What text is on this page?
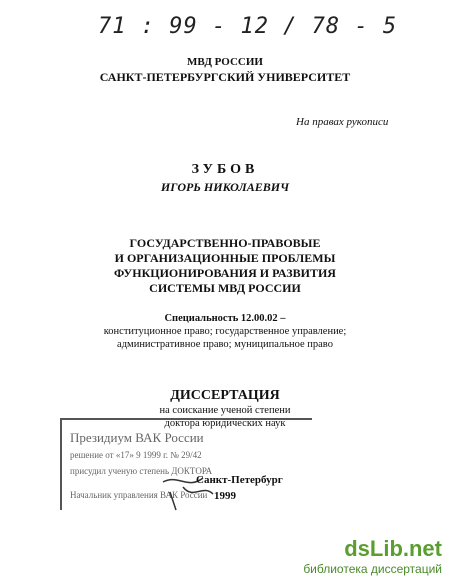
71 : 99 - 12 / 78 - 5
МВД РОССИИ
САНКТ-ПЕТЕРБУРГСКИЙ УНИВЕРСИТЕТ
На правах рукописи
ЗУБОВ
ИГОРЬ НИКОЛАЕВИЧ
ГОСУДАРСТВЕННО-ПРАВОВЫЕ
И ОРГАНИЗАЦИОННЫЕ ПРОБЛЕМЫ
ФУНКЦИОНИРОВАНИЯ И РАЗВИТИЯ
СИСТЕМЫ МВД РОССИИ
Специальность 12.00.02 –
конституционное право; государственное управление;
административное право; муниципальное право
ДИССЕРТАЦИЯ
на соискание ученой степени
доктора юридических наук
Президиум ВАК России
решение от «17» 9 1999 г. № 29/42
присудил ученую степень ДОКТОРА
Начальник управления ВАК России
Санкт-Петербург
1999
dsLib.net
библиотека диссертаций
